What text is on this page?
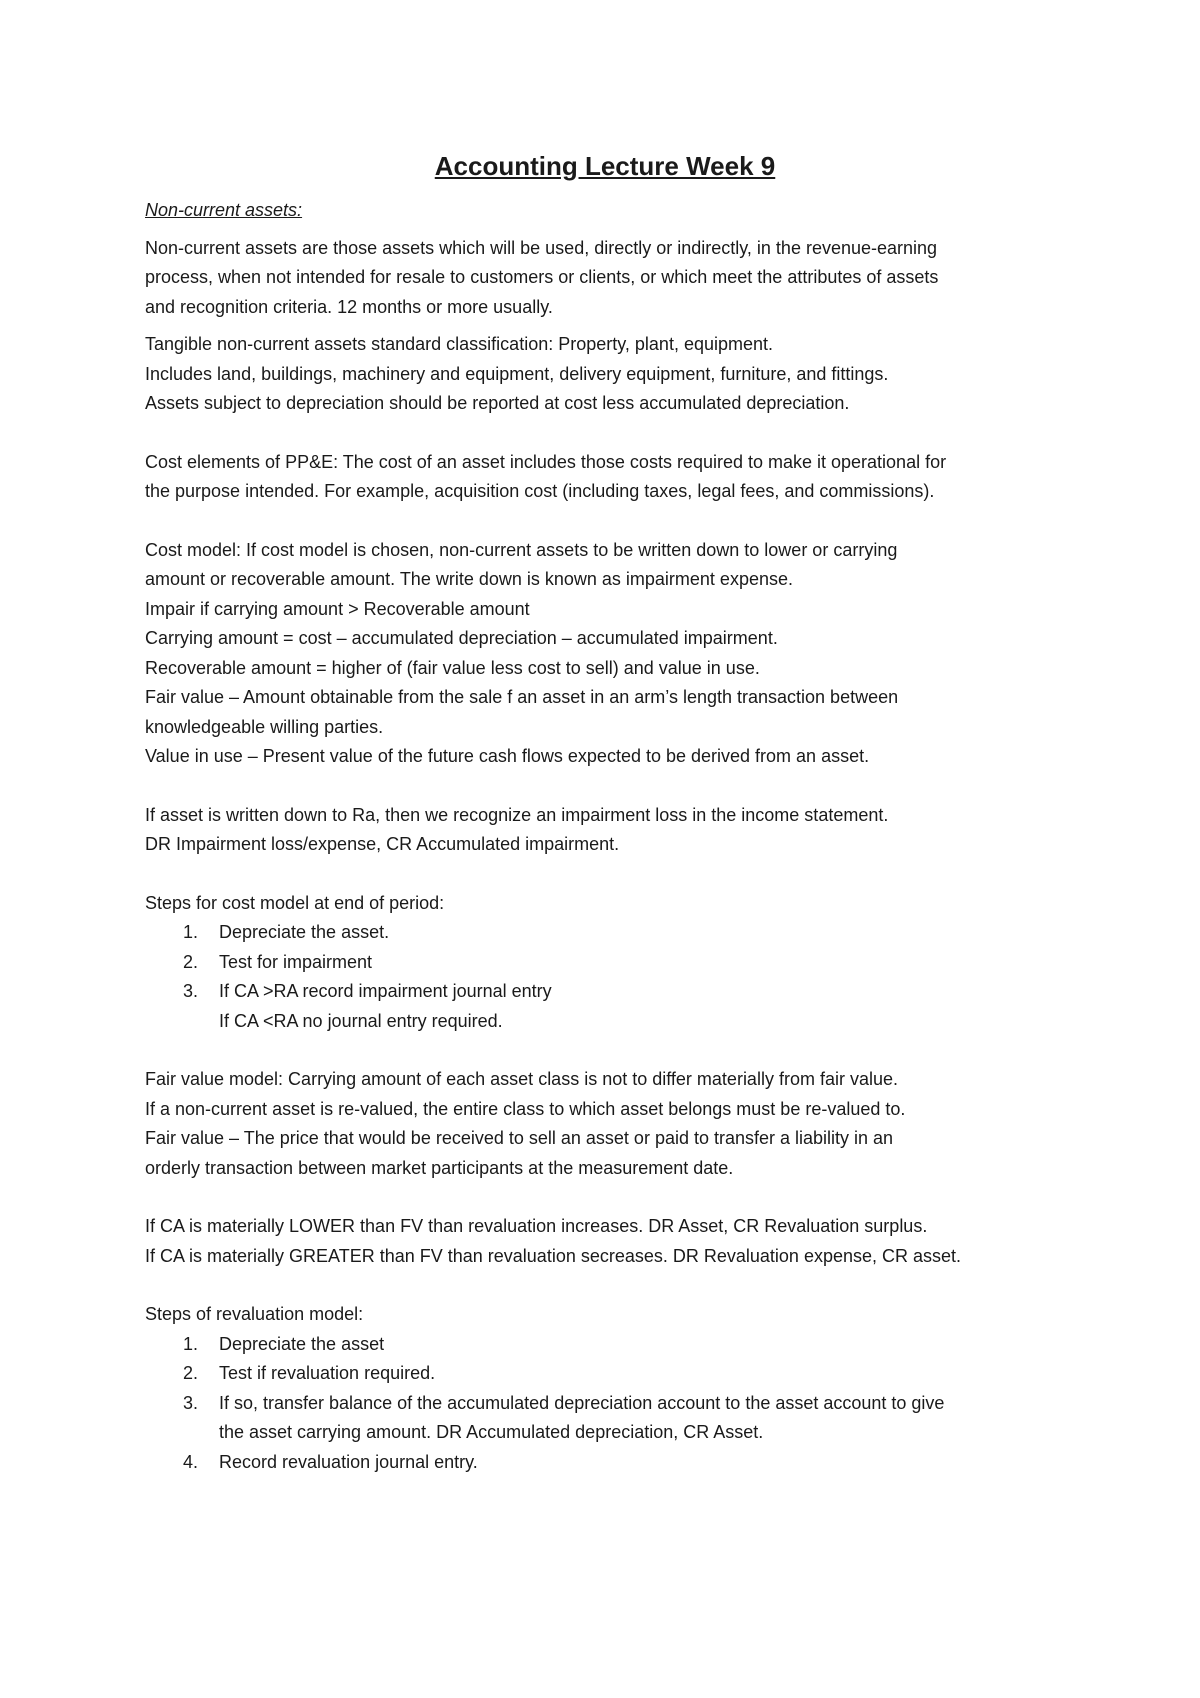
Accounting Lecture Week 9
Non-current assets:
Non-current assets are those assets which will be used, directly or indirectly, in the revenue-earning
process, when not intended for resale to customers or clients, or which meet the attributes of assets
and recognition criteria. 12 months or more usually.
Tangible non-current assets standard classification: Property, plant, equipment.
Includes land, buildings, machinery and equipment, delivery equipment, furniture, and fittings.
Assets subject to depreciation should be reported at cost less accumulated depreciation.
Cost elements of PP&E: The cost of an asset includes those costs required to make it operational for
the purpose intended. For example, acquisition cost (including taxes, legal fees, and commissions).
Cost model: If cost model is chosen, non-current assets to be written down to lower or carrying
amount or recoverable amount. The write down is known as impairment expense.
Impair if carrying amount > Recoverable amount
Carrying amount = cost – accumulated depreciation – accumulated impairment.
Recoverable amount = higher of (fair value less cost to sell) and value in use.
Fair value – Amount obtainable from the sale f an asset in an arm’s length transaction between
knowledgeable willing parties.
Value in use – Present value of the future cash flows expected to be derived from an asset.
If asset is written down to Ra, then we recognize an impairment loss in the income statement.
DR Impairment loss/expense, CR Accumulated impairment.
Steps for cost model at end of period:
1. Depreciate the asset.
2. Test for impairment
3. If CA >RA record impairment journal entry
If CA <RA no journal entry required.
Fair value model: Carrying amount of each asset class is not to differ materially from fair value.
If a non-current asset is re-valued, the entire class to which asset belongs must be re-valued to.
Fair value – The price that would be received to sell an asset or paid to transfer a liability in an
orderly transaction between market participants at the measurement date.
If CA is materially LOWER than FV than revaluation increases. DR Asset, CR Revaluation surplus.
If CA is materially GREATER than FV than revaluation secreases. DR Revaluation expense, CR asset.
Steps of revaluation model:
1. Depreciate the asset
2. Test if revaluation required.
3. If so, transfer balance of the accumulated depreciation account to the asset account to give
the asset carrying amount. DR Accumulated depreciation, CR Asset.
4. Record revaluation journal entry.
